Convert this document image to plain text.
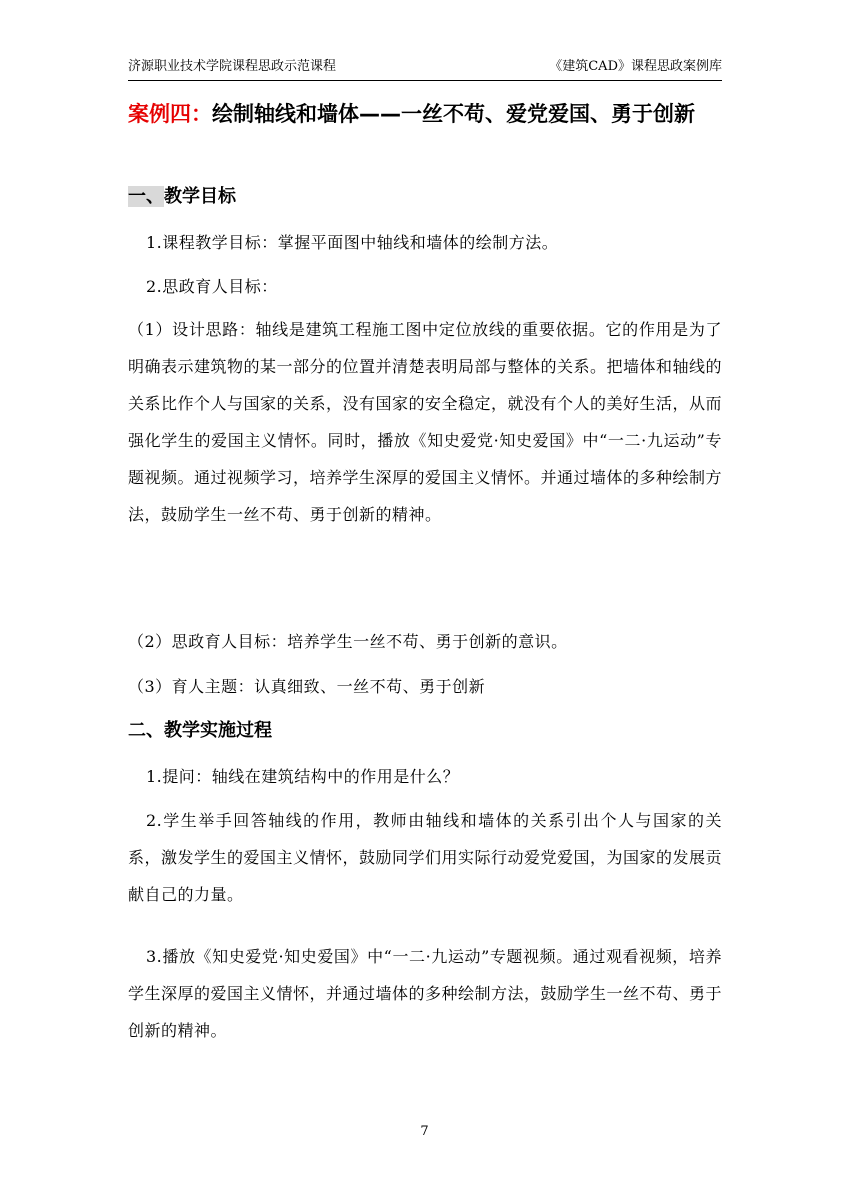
济源职业技术学院课程思政示范课程	《建筑CAD》课程思政案例库
案例四：绘制轴线和墙体——一丝不苟、爱党爱国、勇于创新
一、教学目标
1.课程教学目标：掌握平面图中轴线和墙体的绘制方法。
2.思政育人目标：
（1）设计思路：轴线是建筑工程施工图中定位放线的重要依据。它的作用是为了明确表示建筑物的某一部分的位置并清楚表明局部与整体的关系。把墙体和轴线的关系比作个人与国家的关系，没有国家的安全稳定，就没有个人的美好生活，从而强化学生的爱国主义情怀。同时，播放《知史爱党·知史爱国》中“一二·九运动”专题视频。通过视频学习，培养学生深厚的爱国主义情怀。并通过墙体的多种绘制方法，鼓励学生一丝不苟、勇于创新的精神。
（2）思政育人目标：培养学生一丝不苟、勇于创新的意识。
（3）育人主题：认真细致、一丝不苟、勇于创新
二、教学实施过程
1.提问：轴线在建筑结构中的作用是什么？
2.学生举手回答轴线的作用，教师由轴线和墙体的关系引出个人与国家的关系，激发学生的爱国主义情怀，鼓励同学们用实际行动爱党爱国，为国家的发展贡献自己的力量。
3.播放《知史爱党·知史爱国》中“一二·九运动”专题视频。通过观看视频，培养学生深厚的爱国主义情怀，并通过墙体的多种绘制方法，鼓励学生一丝不苟、勇于创新的精神。
7
